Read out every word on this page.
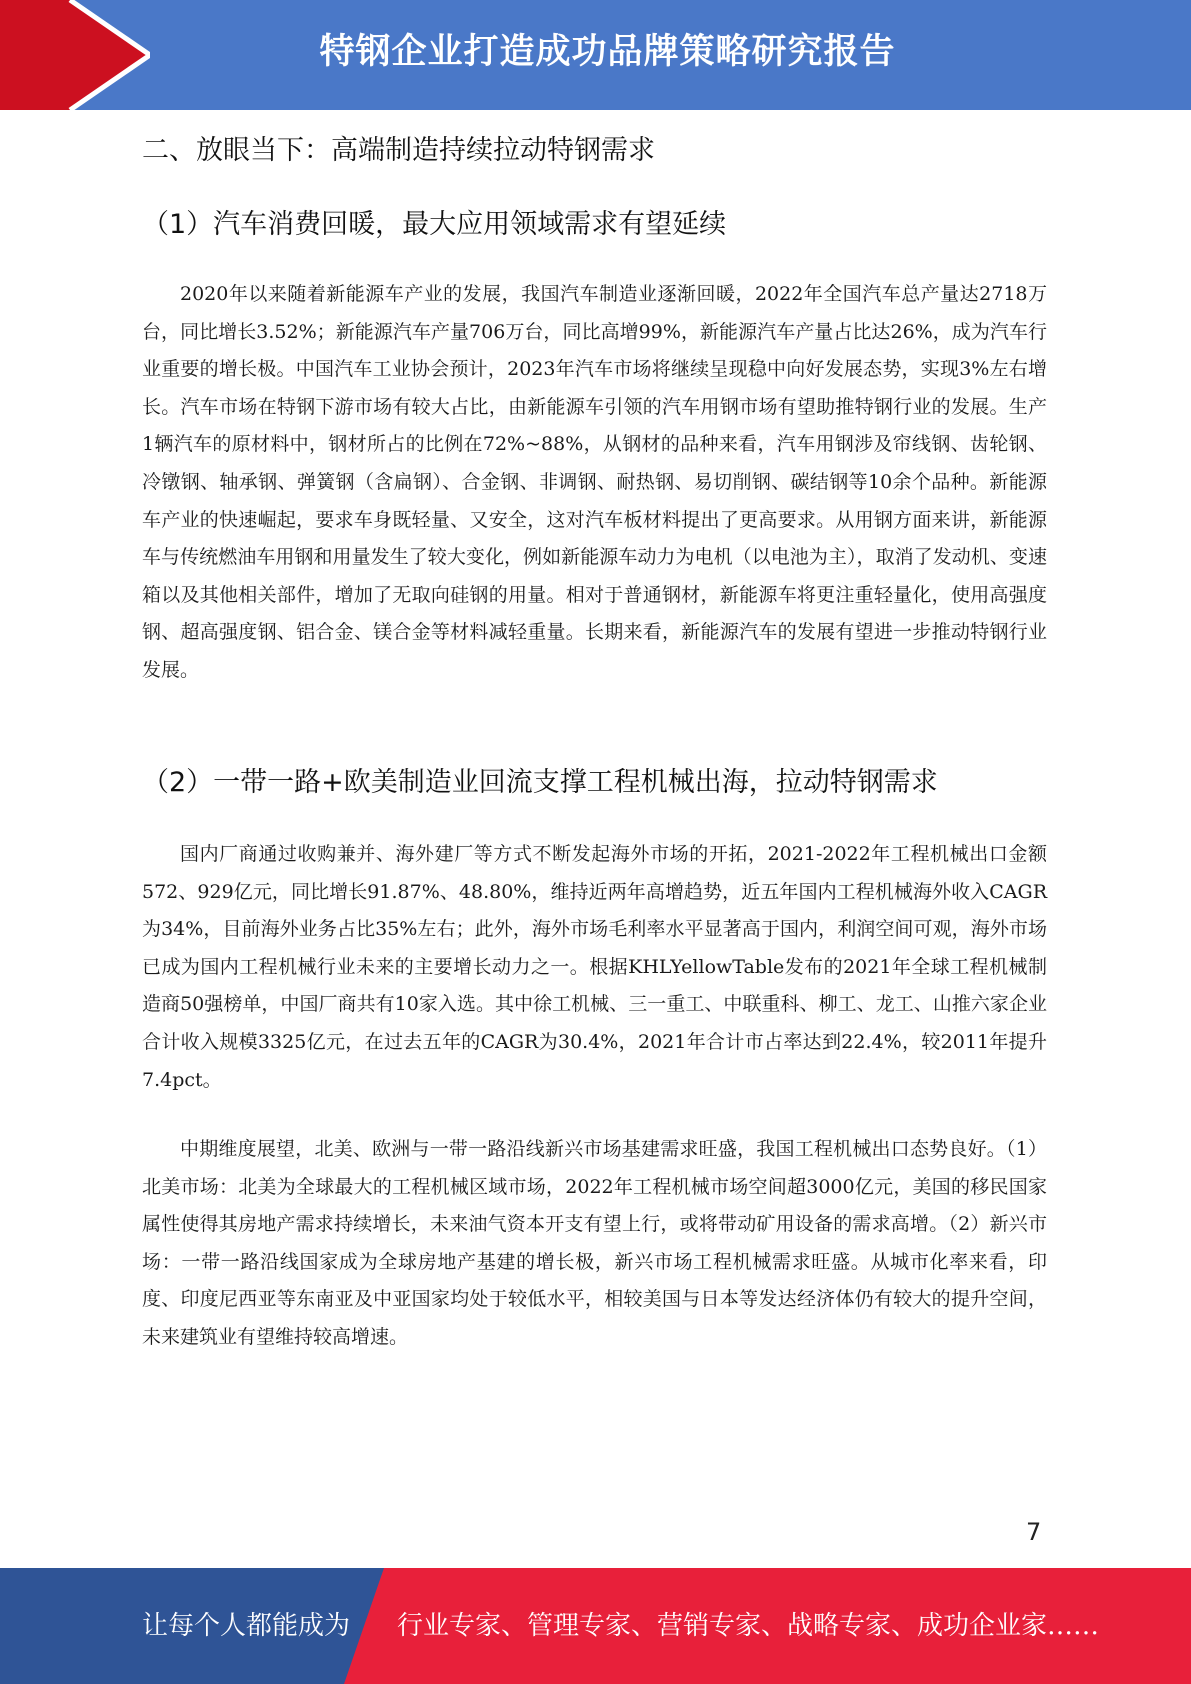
特钢企业打造成功品牌策略研究报告
二、放眼当下：高端制造持续拉动特钢需求
（1）汽车消费回暖，最大应用领域需求有望延续

2020年以来随着新能源车产业的发展，我国汽车制造业逐渐回暖，2022年全国汽车总产量达2718万台，同比增长3.52%；新能源汽车产量706万台，同比高增99%，新能源汽车产量占比达26%，成为汽车行业重要的增长极。中国汽车工业协会预计，2023年汽车市场将继续呈现稳中向好发展态势，实现3%左右增长。汽车市场在特钢下游市场有较大占比，由新能源车引领的汽车用钢市场有望助推特钢行业的发展。生产1辆汽车的原材料中，钢材所占的比例在72%~88%，从钢材的品种来看，汽车用钢涉及帘线钢、齿轮钢、冷镦钢、轴承钢、弹簧钢（含扁钢）、合金钢、非调钢、耐热钢、易切削钢、碳结钢等10余个品种。新能源车产业的快速崛起，要求车身既轻量、又安全，这对汽车板材料提出了更高要求。从用钢方面来讲，新能源车与传统燃油车用钢和用量发生了较大变化，例如新能源车动力为电机（以电池为主），取消了发动机、变速箱以及其他相关部件，增加了无取向硅钢的用量。相对于普通钢材，新能源车将更注重轻量化，使用高强度钢、超高强度钢、铝合金、镁合金等材料减轻重量。长期来看，新能源汽车的发展有望进一步推动特钢行业发展。

（2）一带一路+欧美制造业回流支撑工程机械出海，拉动特钢需求

国内厂商通过收购兼并、海外建厂等方式不断发起海外市场的开拓，2021-2022年工程机械出口金额572、929亿元，同比增长91.87%、48.80%，维持近两年高增趋势，近五年国内工程机械海外收入CAGR为34%，目前海外业务占比35%左右；此外，海外市场毛利率水平显著高于国内，利润空间可观，海外市场已成为国内工程机械行业未来的主要增长动力之一。根据KHLYellowTable发布的2021年全球工程机械制造商50强榜单，中国厂商共有10家入选。其中徐工机械、三一重工、中联重科、柳工、龙工、山推六家企业合计收入规模3325亿元，在过去五年的CAGR为30.4%，2021年合计市占率达到22.4%，较2011年提升7.4pct。

中期维度展望，北美、欧洲与一带一路沿线新兴市场基建需求旺盛，我国工程机械出口态势良好。（1）北美市场：北美为全球最大的工程机械区域市场，2022年工程机械市场空间超3000亿元，美国的移民国家属性使得其房地产需求持续增长，未来油气资本开支有望上行，或将带动矿用设备的需求高增。（2）新兴市场：一带一路沿线国家成为全球房地产基建的增长极，新兴市场工程机械需求旺盛。从城市化率来看，印度、印度尼西亚等东南亚及中亚国家均处于较低水平，相较美国与日本等发达经济体仍有较大的提升空间，未来建筑业有望维持较高增速。

7
让每个人都能成为 行业专家、管理专家、营销专家、战略专家、成功企业家……
